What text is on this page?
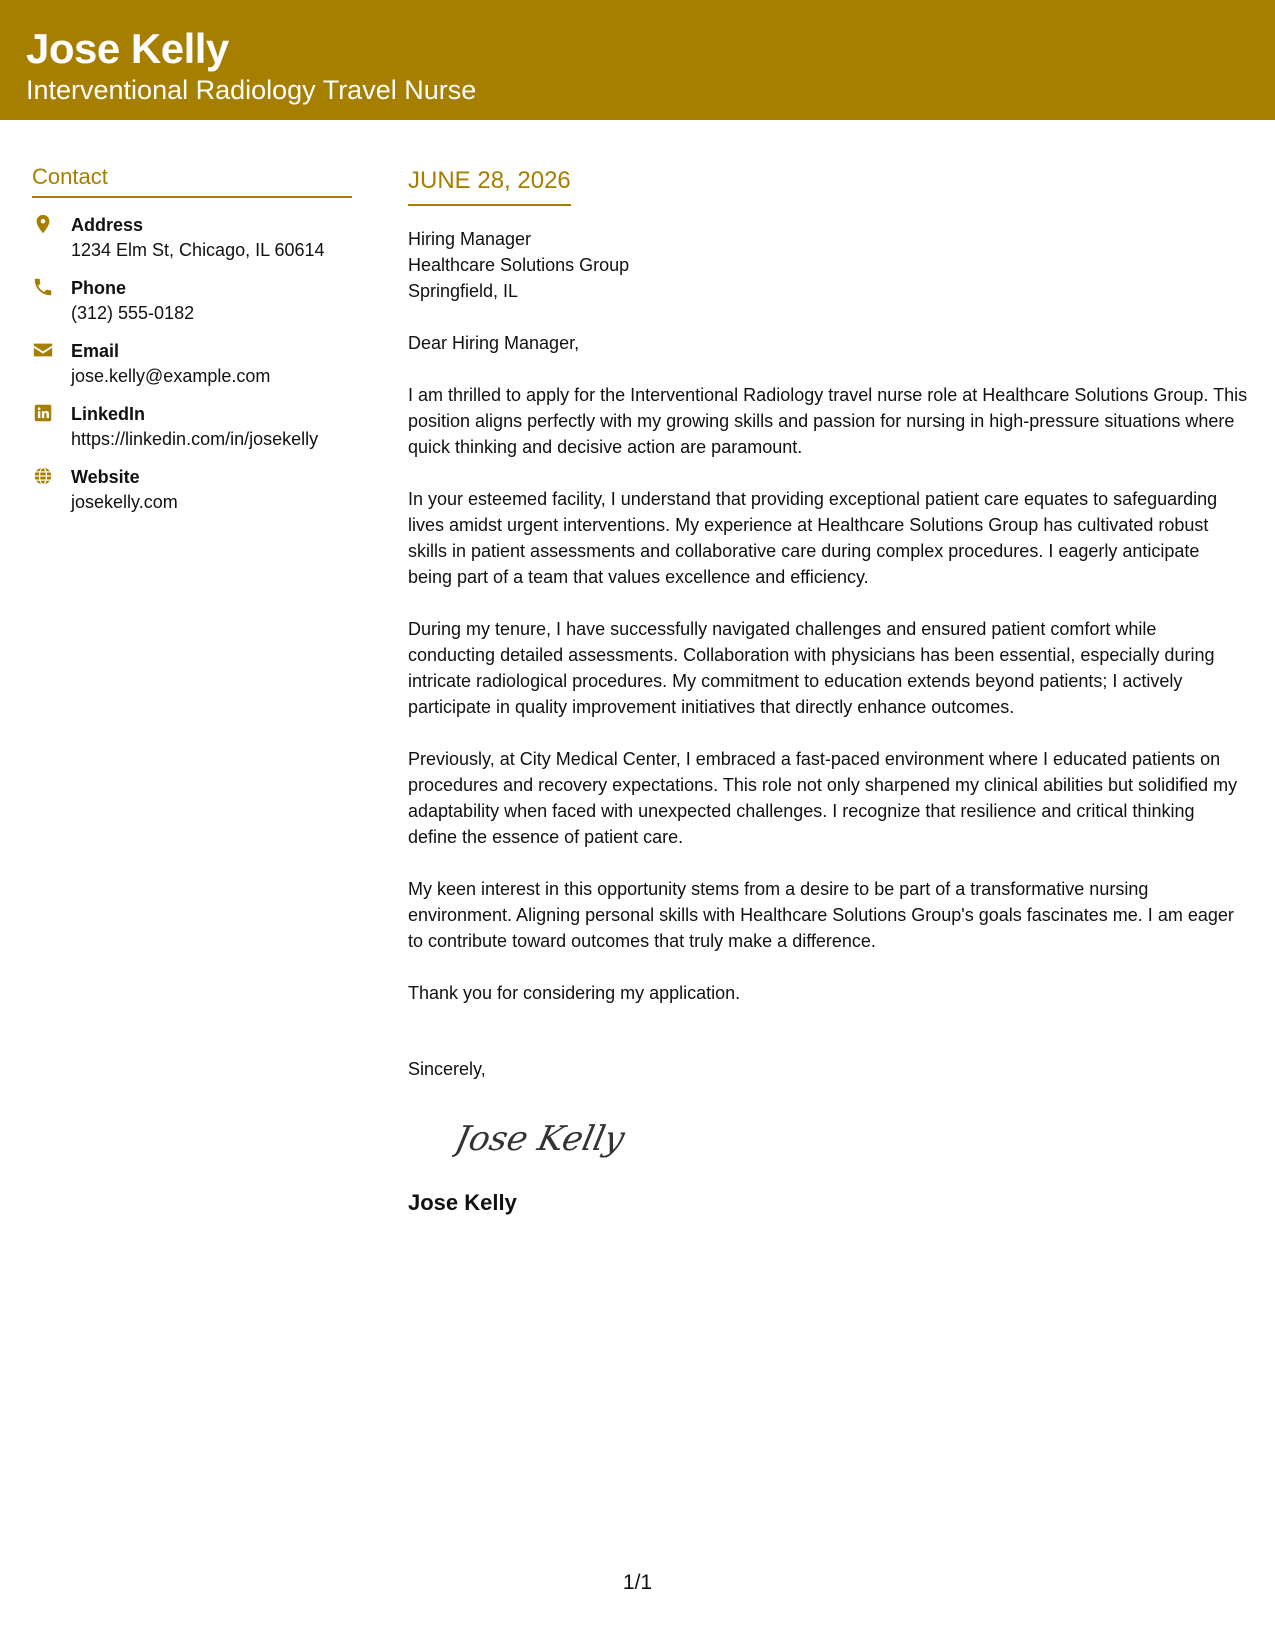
Jose Kelly
Interventional Radiology Travel Nurse
Contact
Address
1234 Elm St, Chicago, IL 60614
Phone
(312) 555-0182
Email
jose.kelly@example.com
LinkedIn
https://linkedin.com/in/josekelly
Website
josekelly.com
JUNE 28, 2026
Hiring Manager
Healthcare Solutions Group
Springfield, IL
Dear Hiring Manager,
I am thrilled to apply for the Interventional Radiology travel nurse role at Healthcare Solutions Group. This position aligns perfectly with my growing skills and passion for nursing in high-pressure situations where quick thinking and decisive action are paramount.
In your esteemed facility, I understand that providing exceptional patient care equates to safeguarding lives amidst urgent interventions. My experience at Healthcare Solutions Group has cultivated robust skills in patient assessments and collaborative care during complex procedures. I eagerly anticipate being part of a team that values excellence and efficiency.
During my tenure, I have successfully navigated challenges and ensured patient comfort while conducting detailed assessments. Collaboration with physicians has been essential, especially during intricate radiological procedures. My commitment to education extends beyond patients; I actively participate in quality improvement initiatives that directly enhance outcomes.
Previously, at City Medical Center, I embraced a fast-paced environment where I educated patients on procedures and recovery expectations. This role not only sharpened my clinical abilities but solidified my adaptability when faced with unexpected challenges. I recognize that resilience and critical thinking define the essence of patient care.
My keen interest in this opportunity stems from a desire to be part of a transformative nursing environment. Aligning personal skills with Healthcare Solutions Group's goals fascinates me. I am eager to contribute toward outcomes that truly make a difference.
Thank you for considering my application.
Sincerely,
Jose Kelly
Jose Kelly
1/1
